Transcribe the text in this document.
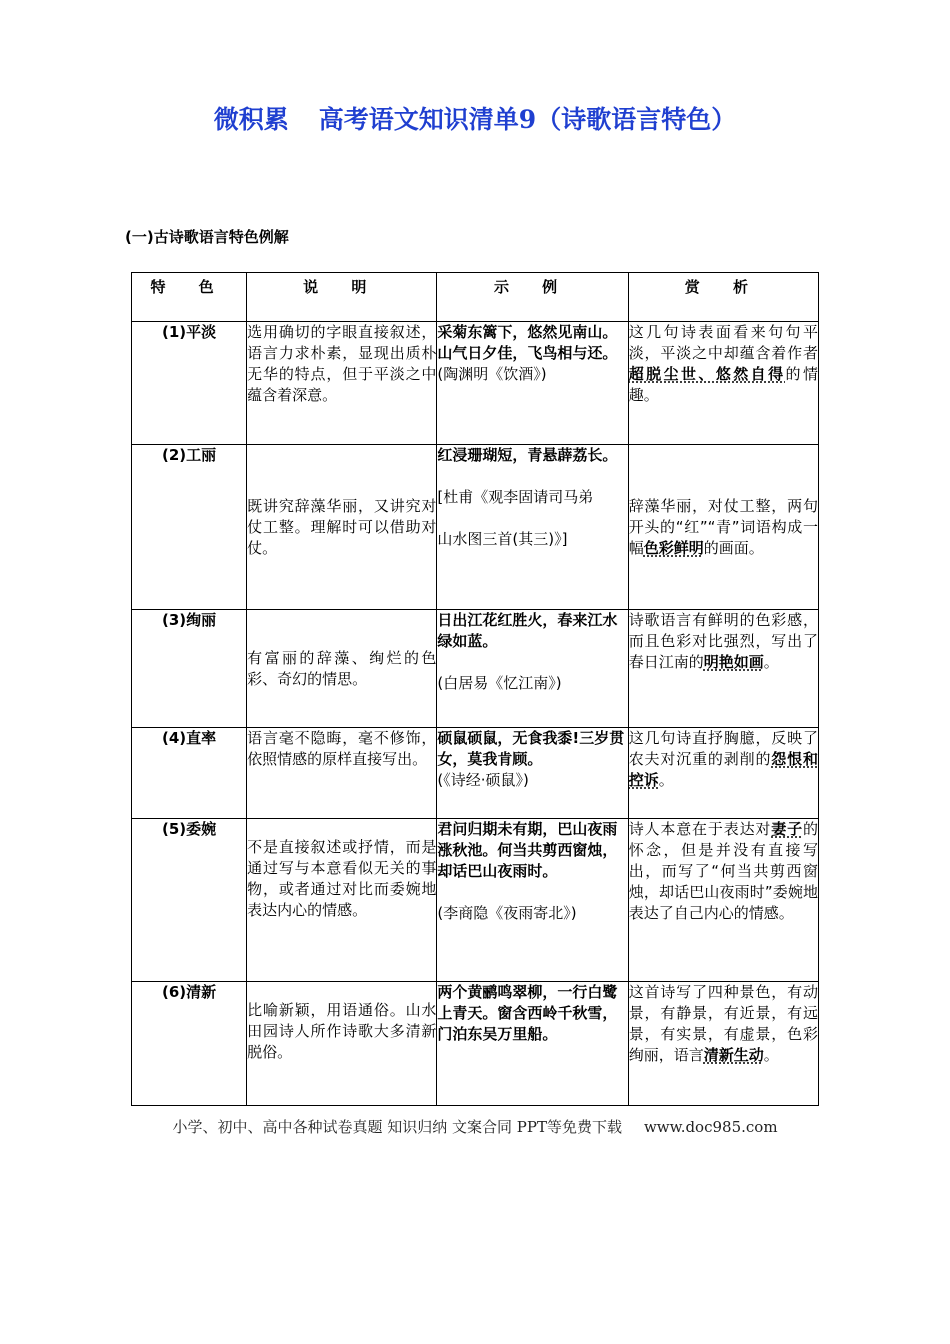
微积累 高考语文知识清单9（诗歌语言特色）
(一)古诗歌语言特色例解
特 色	说 明	示 例	赏 析
(1)平淡	选用确切的字眼直接叙述，语言力求朴素，显现出质朴无华的特点，但于平淡之中蕴含着深意。	采菊东篱下，悠然见南山。山气日夕佳，飞鸟相与还。(陶渊明《饮酒》)	这几句诗表面看来句句平淡，平淡之中却蕴含着作者超脱尘世、悠然自得的情趣。
(2)工丽	既讲究辞藻华丽，又讲究对仗工整。理解时可以借助对仗。	红浸珊瑚短，青悬薜荔长。
[杜甫《观李固请司马弟
山水图三首(其三)》]	辞藻华丽，对仗工整，两句开头的“红”“青”词语构成一幅色彩鲜明的画面。
(3)绚丽	有富丽的辞藻、绚烂的色彩、奇幻的情思。	日出江花红胜火，春来江水绿如蓝。
(白居易《忆江南》)	诗歌语言有鲜明的色彩感，而且色彩对比强烈，写出了春日江南的明艳如画。
(4)直率	语言毫不隐晦，毫不修饰，依照情感的原样直接写出。	硕鼠硕鼠，无食我黍!三岁贯女，莫我肯顾。
(《诗经·硕鼠》)	这几句诗直抒胸臆，反映了农夫对沉重的剥削的怨恨和控诉。
(5)委婉	不是直接叙述或抒情，而是通过写与本意看似无关的事物，或者通过对比而委婉地表达内心的情感。	君问归期未有期，巴山夜雨涨秋池。何当共剪西窗烛，却话巴山夜雨时。
(李商隐《夜雨寄北》)	诗人本意在于表达对妻子的怀念，但是并没有直接写出，而写了“何当共剪西窗烛，却话巴山夜雨时”委婉地表达了自己内心的情感。
(6)清新	比喻新颖，用语通俗。山水田园诗人所作诗歌大多清新脱俗。	两个黄鹂鸣翠柳，一行白鹭上青天。窗含西岭千秋雪，门泊东吴万里船。	这首诗写了四种景色，有动景，有静景，有近景，有远景，有实景，有虚景，色彩绚丽，语言清新生动。
小学、初中、高中各种试卷真题 知识归纳 文案合同 PPT等免费下载 www.doc985.com
